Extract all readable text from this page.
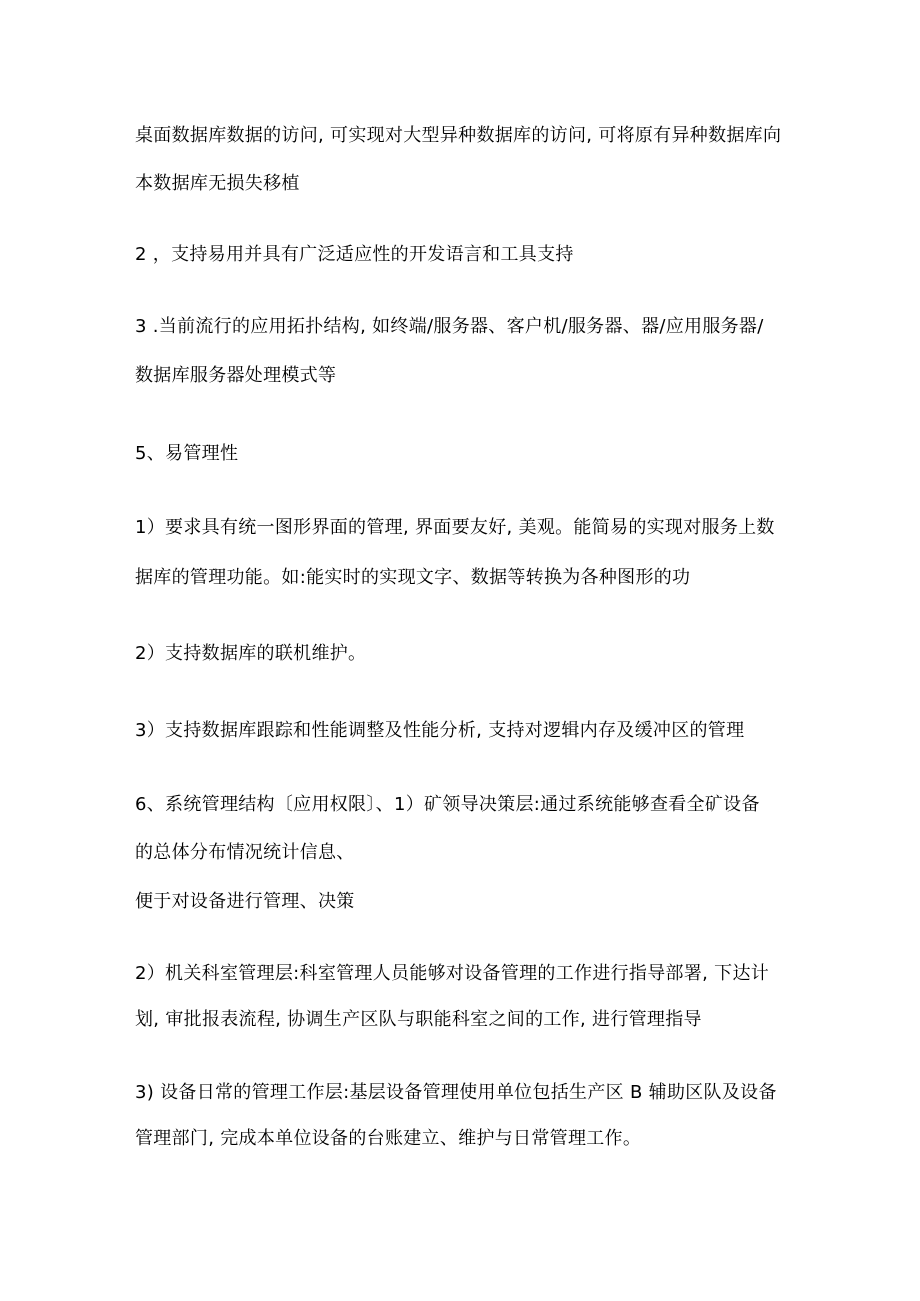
桌面数据库数据的访问, 可实现对大型异种数据库的访问, 可将原有异种数据库向
本数据库无损失移植
2 ，支持易用并具有广泛适应性的开发语言和工具支持
3 .当前流行的应用拓扑结构, 如终端/服务器、客户机/服务器、器/应用服务器/
数据库服务器处理模式等
5、易管理性
1）要求具有统一图形界面的管理, 界面要友好, 美观。能简易的实现对服务上数
据库的管理功能。如:能实时的实现文字、数据等转换为各种图形的功
2）支持数据库的联机维护。
3）支持数据库跟踪和性能调整及性能分析, 支持对逻辑内存及缓冲区的管理
6、系统管理结构〔应用权限〕、1）矿领导决策层:通过系统能够查看全矿设备
的总体分布情况统计信息、
便于对设备进行管理、决策
2）机关科室管理层:科室管理人员能够对设备管理的工作进行指导部署, 下达计
划, 审批报表流程, 协调生产区队与职能科室之间的工作, 进行管理指导
3) 设备日常的管理工作层:基层设备管理使用单位包括生产区 B 辅助区队及设备
管理部门, 完成本单位设备的台账建立、维护与日常管理工作。
